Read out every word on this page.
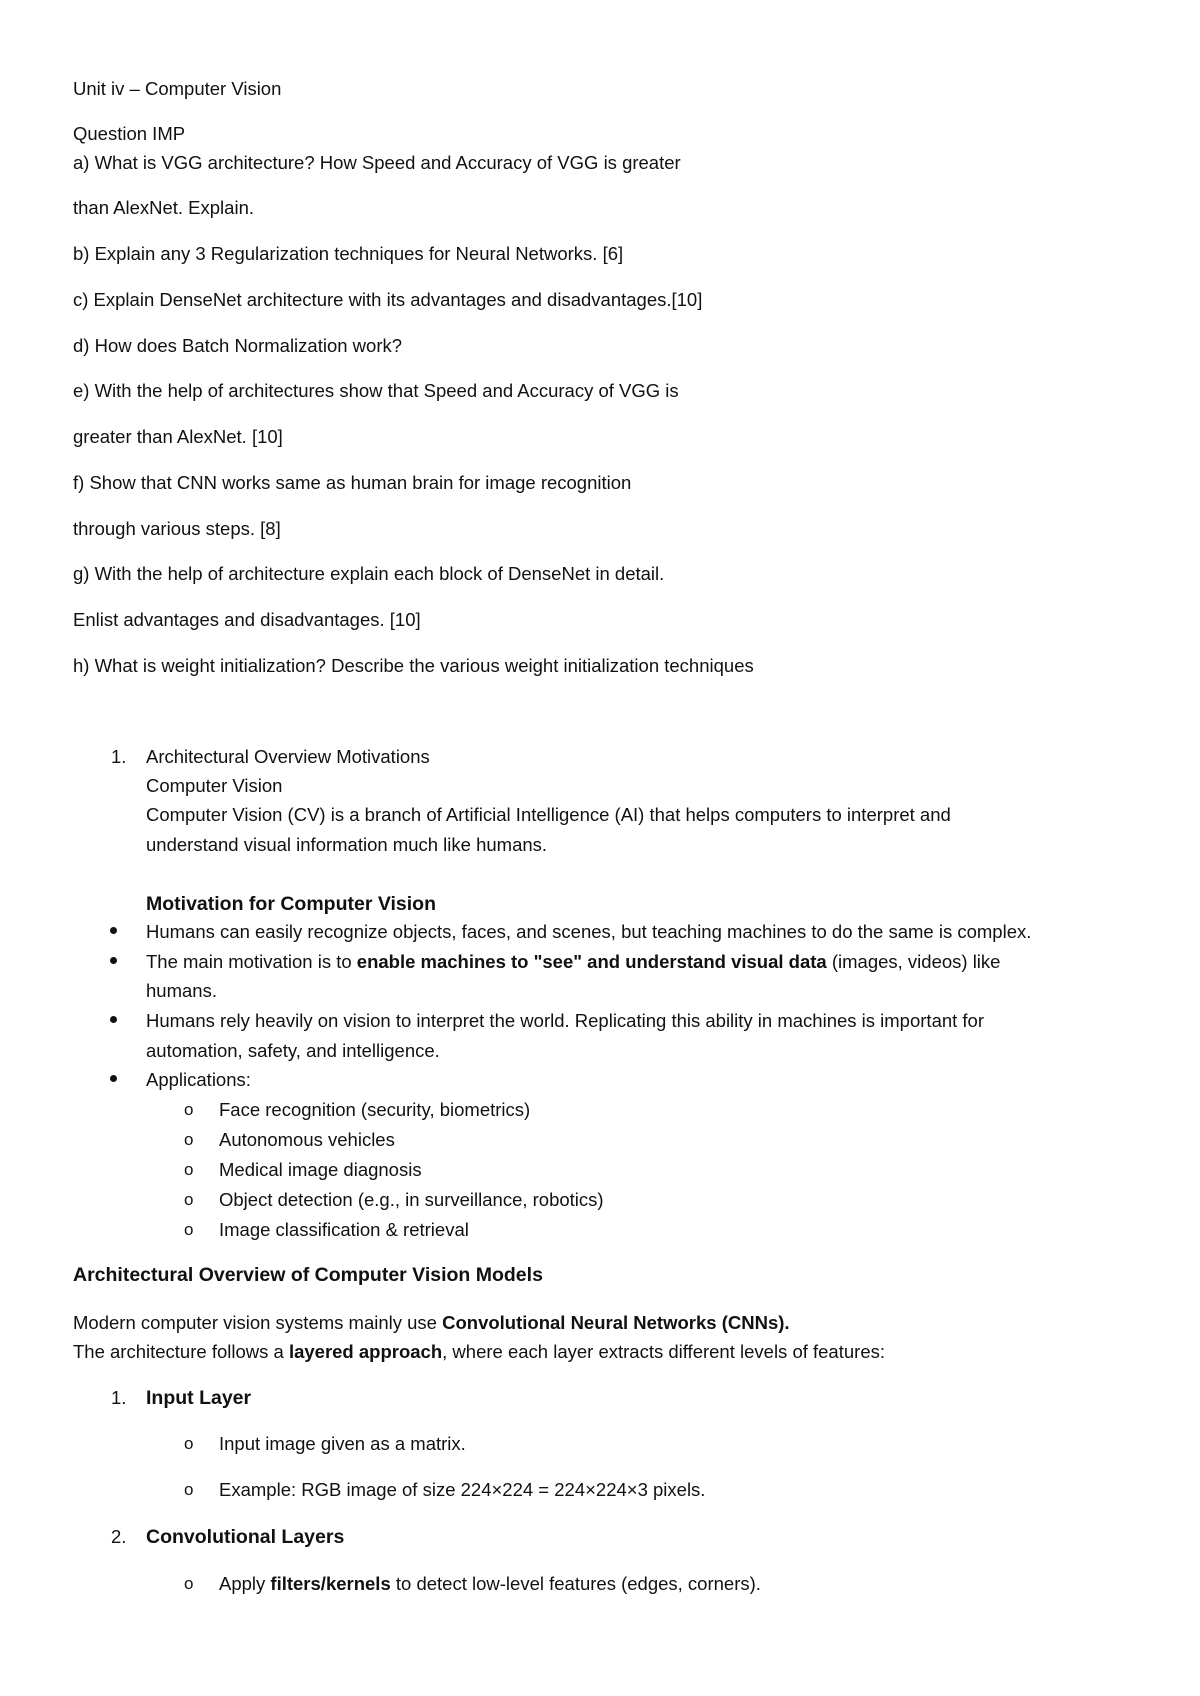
Unit iv – Computer Vision
Question IMP
a) What is VGG architecture? How Speed and Accuracy of VGG is greater
than AlexNet. Explain.
b) Explain any 3 Regularization techniques for Neural Networks. [6]
c) Explain DenseNet architecture with its advantages and disadvantages.[10]
d) How does Batch Normalization work?
e) With the help of architectures show that Speed and Accuracy of VGG is
greater than AlexNet. [10]
f) Show that CNN works same as human brain for image recognition
through various steps. [8]
g) With the help of architecture explain each block of DenseNet in detail.
Enlist advantages and disadvantages. [10]
h) What is weight initialization? Describe the various weight initialization techniques
1. Architectural Overview Motivations
Computer Vision
Computer Vision (CV) is a branch of Artificial Intelligence (AI) that helps computers to interpret and
understand visual information much like humans.
Motivation for Computer Vision
Humans can easily recognize objects, faces, and scenes, but teaching machines to do the same is complex.
The main motivation is to enable machines to "see" and understand visual data (images, videos) like
humans.
Humans rely heavily on vision to interpret the world. Replicating this ability in machines is important for
automation, safety, and intelligence.
Applications:
o Face recognition (security, biometrics)
o Autonomous vehicles
o Medical image diagnosis
o Object detection (e.g., in surveillance, robotics)
o Image classification & retrieval
Architectural Overview of Computer Vision Models
Modern computer vision systems mainly use Convolutional Neural Networks (CNNs).
The architecture follows a layered approach, where each layer extracts different levels of features:
1. Input Layer
o Input image given as a matrix.
o Example: RGB image of size 224×224 = 224×224×3 pixels.
2. Convolutional Layers
o Apply filters/kernels to detect low-level features (edges, corners).
